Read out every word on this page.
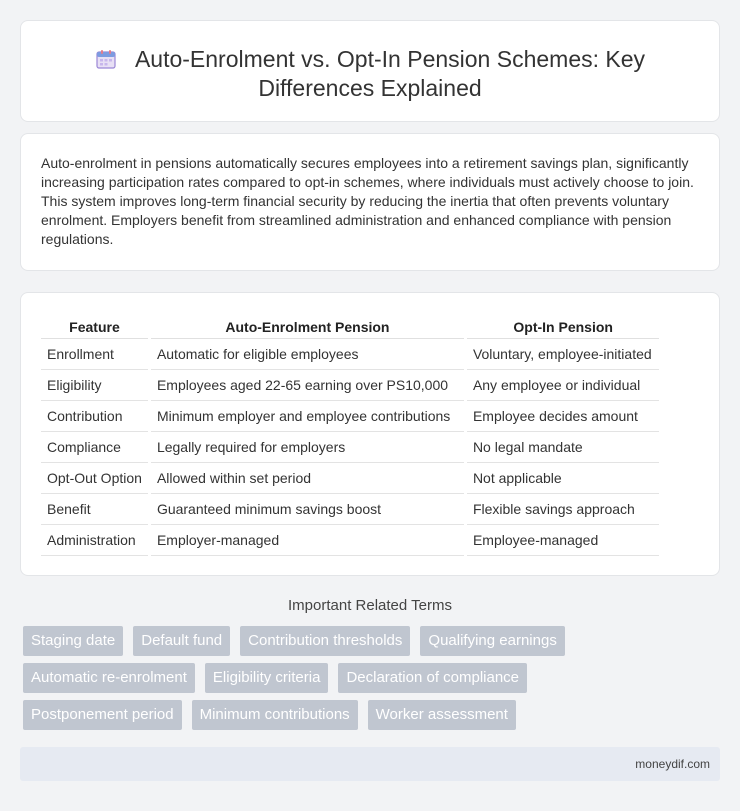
Auto-Enrolment vs. Opt-In Pension Schemes: Key
Differences Explained

Auto-enrolment in pensions automatically secures employees into a retirement savings plan, significantly increasing participation rates compared to opt-in schemes, where individuals must actively choose to join. This system improves long-term financial security by reducing the inertia that often prevents voluntary enrolment. Employers benefit from streamlined administration and enhanced compliance with pension regulations.

Feature	Auto-Enrolment Pension	Opt-In Pension
Enrollment	Automatic for eligible employees	Voluntary, employee-initiated
Eligibility	Employees aged 22-65 earning over PS10,000	Any employee or individual
Contribution	Minimum employer and employee contributions	Employee decides amount
Compliance	Legally required for employers	No legal mandate
Opt-Out Option	Allowed within set period	Not applicable
Benefit	Guaranteed minimum savings boost	Flexible savings approach
Administration	Employer-managed	Employee-managed
Important Related Terms
Staging date	Default fund	Contribution thresholds	Qualifying earnings
Automatic re-enrolment	Eligibility criteria	Declaration of compliance
Postponement period	Minimum contributions	Worker assessment
moneydif.com
